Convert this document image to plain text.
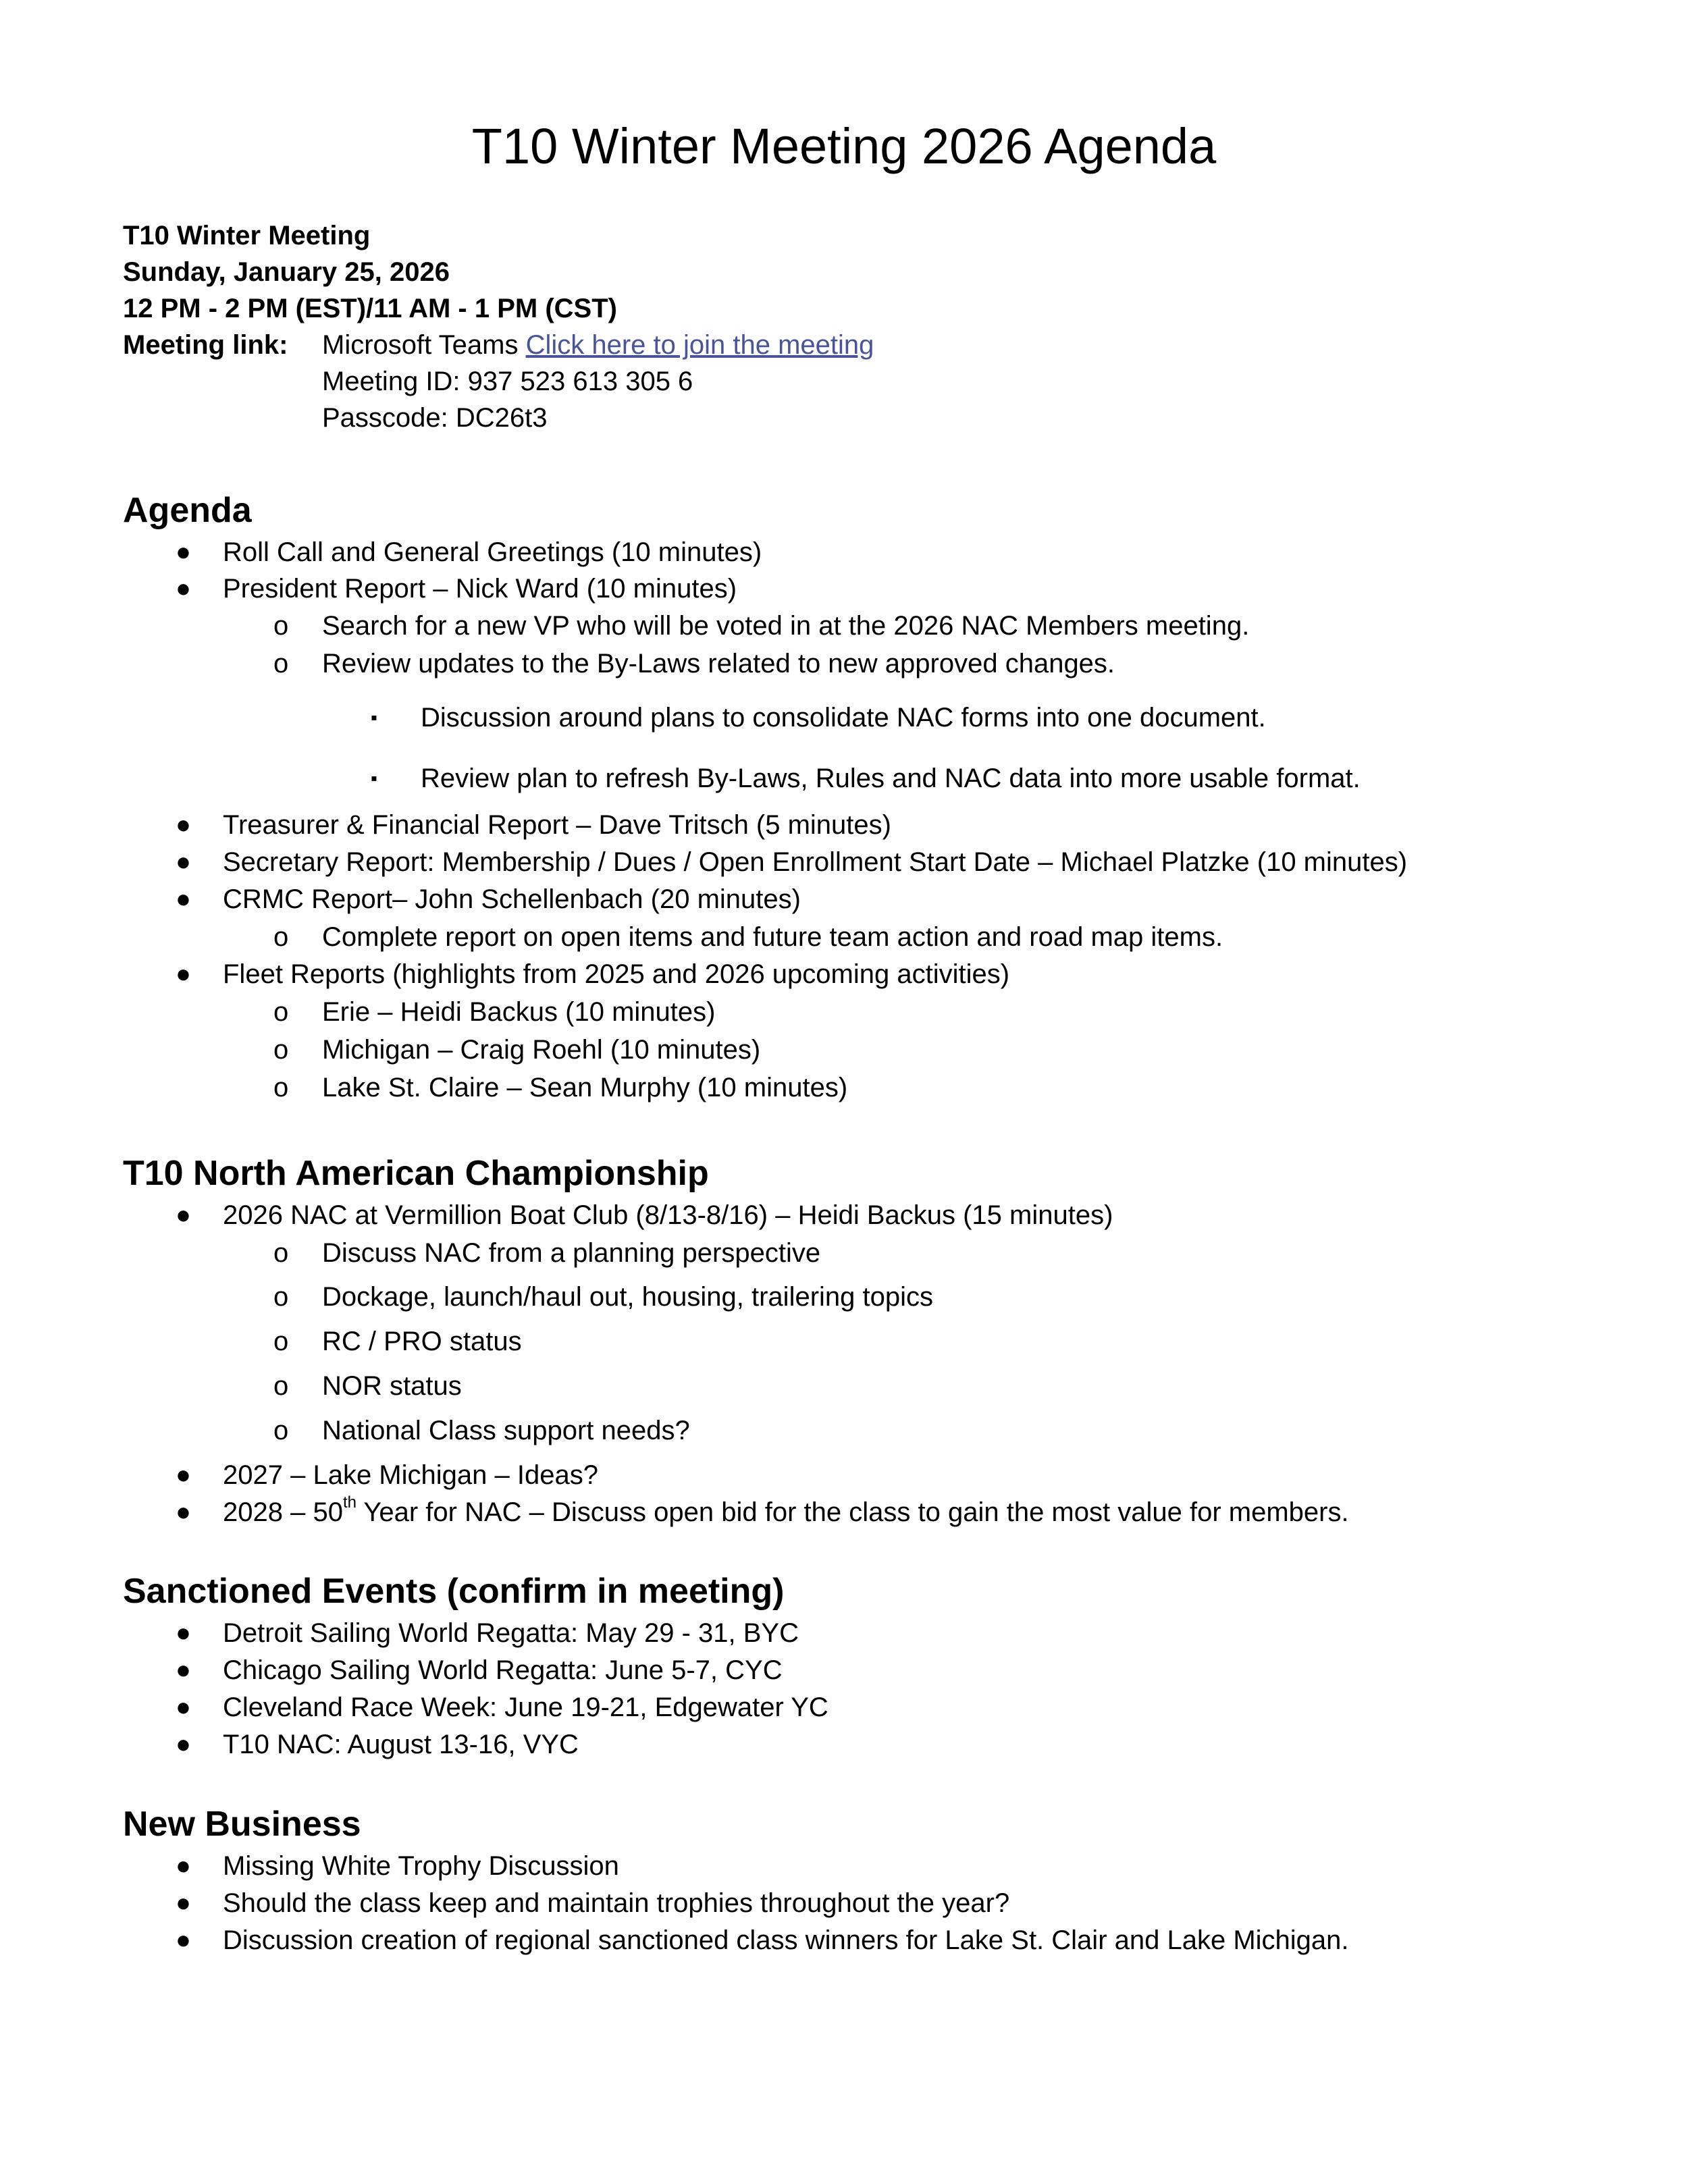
T10 Winter Meeting 2026 Agenda
T10 Winter Meeting
Sunday, January 25, 2026
12 PM - 2 PM (EST)/11 AM - 1 PM (CST)
Meeting link:	Microsoft Teams Click here to join the meeting
Meeting ID: 937 523 613 305 6
Passcode: DC26t3
Agenda
● Roll Call and General Greetings (10 minutes)
● President Report – Nick Ward (10 minutes)
o Search for a new VP who will be voted in at the 2026 NAC Members meeting.
o Review updates to the By-Laws related to new approved changes.
▪ Discussion around plans to consolidate NAC forms into one document.
▪ Review plan to refresh By-Laws, Rules and NAC data into more usable format.
● Treasurer & Financial Report – Dave Tritsch (5 minutes)
● Secretary Report: Membership / Dues / Open Enrollment Start Date – Michael Platzke (10 minutes)
● CRMC Report– John Schellenbach (20 minutes)
o Complete report on open items and future team action and road map items.
● Fleet Reports (highlights from 2025 and 2026 upcoming activities)
o Erie – Heidi Backus (10 minutes)
o Michigan – Craig Roehl (10 minutes)
o Lake St. Claire – Sean Murphy (10 minutes)
T10 North American Championship
● 2026 NAC at Vermillion Boat Club (8/13-8/16) – Heidi Backus (15 minutes)
o Discuss NAC from a planning perspective
o Dockage, launch/haul out, housing, trailering topics
o RC / PRO status
o NOR status
o National Class support needs?
● 2027 – Lake Michigan – Ideas?
● 2028 – 50th Year for NAC – Discuss open bid for the class to gain the most value for members.
Sanctioned Events (confirm in meeting)
● Detroit Sailing World Regatta: May 29 - 31, BYC
● Chicago Sailing World Regatta: June 5-7, CYC
● Cleveland Race Week: June 19-21, Edgewater YC
● T10 NAC: August 13-16, VYC
New Business
● Missing White Trophy Discussion
● Should the class keep and maintain trophies throughout the year?
● Discussion creation of regional sanctioned class winners for Lake St. Clair and Lake Michigan.
